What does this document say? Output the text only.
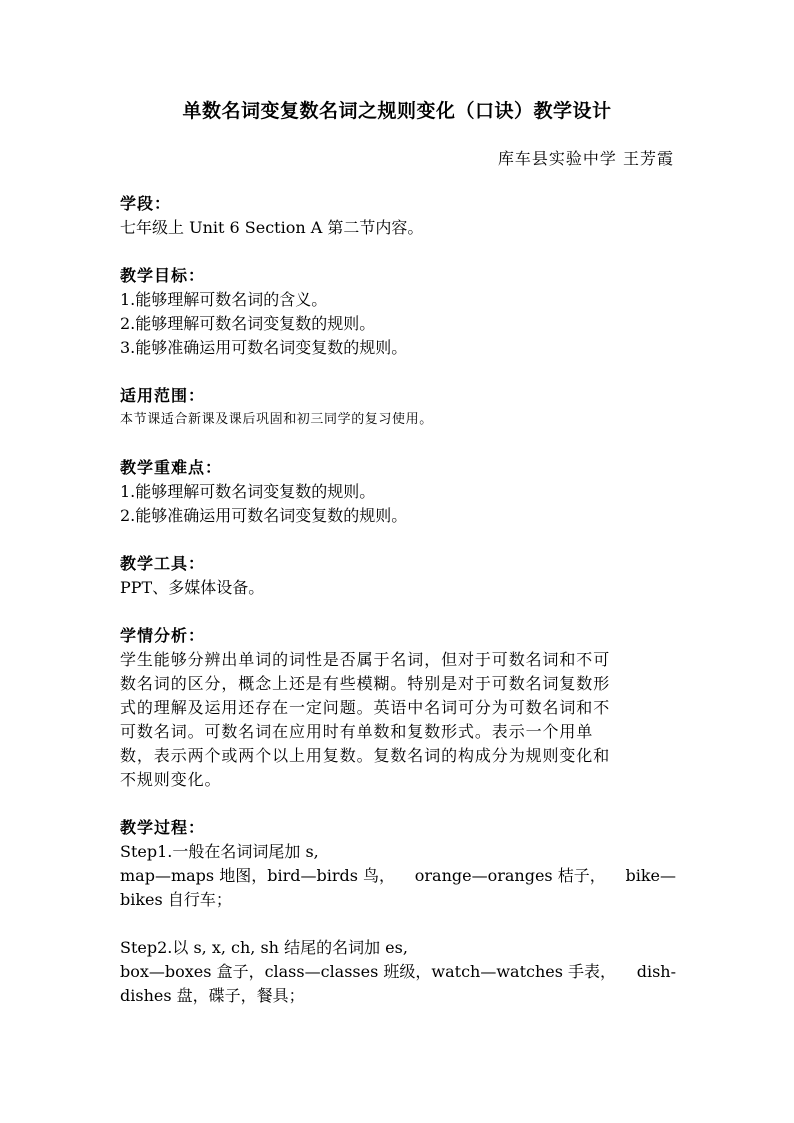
单数名词变复数名词之规则变化（口诀）教学设计
库车县实验中学 王芳霞
学段：
七年级上 Unit 6 Section A 第二节内容。
教学目标：
1.能够理解可数名词的含义。
2.能够理解可数名词变复数的规则。
3.能够准确运用可数名词变复数的规则。
适用范围：
本节课适合新课及课后巩固和初三同学的复习使用。
教学重难点：
1.能够理解可数名词变复数的规则。
2.能够准确运用可数名词变复数的规则。
教学工具：
PPT、多媒体设备。
学情分析：
学生能够分辨出单词的词性是否属于名词，但对于可数名词和不可
数名词的区分，概念上还是有些模糊。特别是对于可数名词复数形
式的理解及运用还存在一定问题。英语中名词可分为可数名词和不
可数名词。可数名词在应用时有单数和复数形式。表示一个用单
数，表示两个或两个以上用复数。复数名词的构成分为规则变化和
不规则变化。
教学过程：
Step1.一般在名词词尾加 s,
map—maps 地图，bird—birds 鸟， orange—oranges 桔子， bike—
bikes 自行车；
Step2.以 s, x, ch, sh 结尾的名词加 es,
box—boxes 盒子，class—classes 班级，watch—watches 手表， dish-
dishes 盘，碟子，餐具；
